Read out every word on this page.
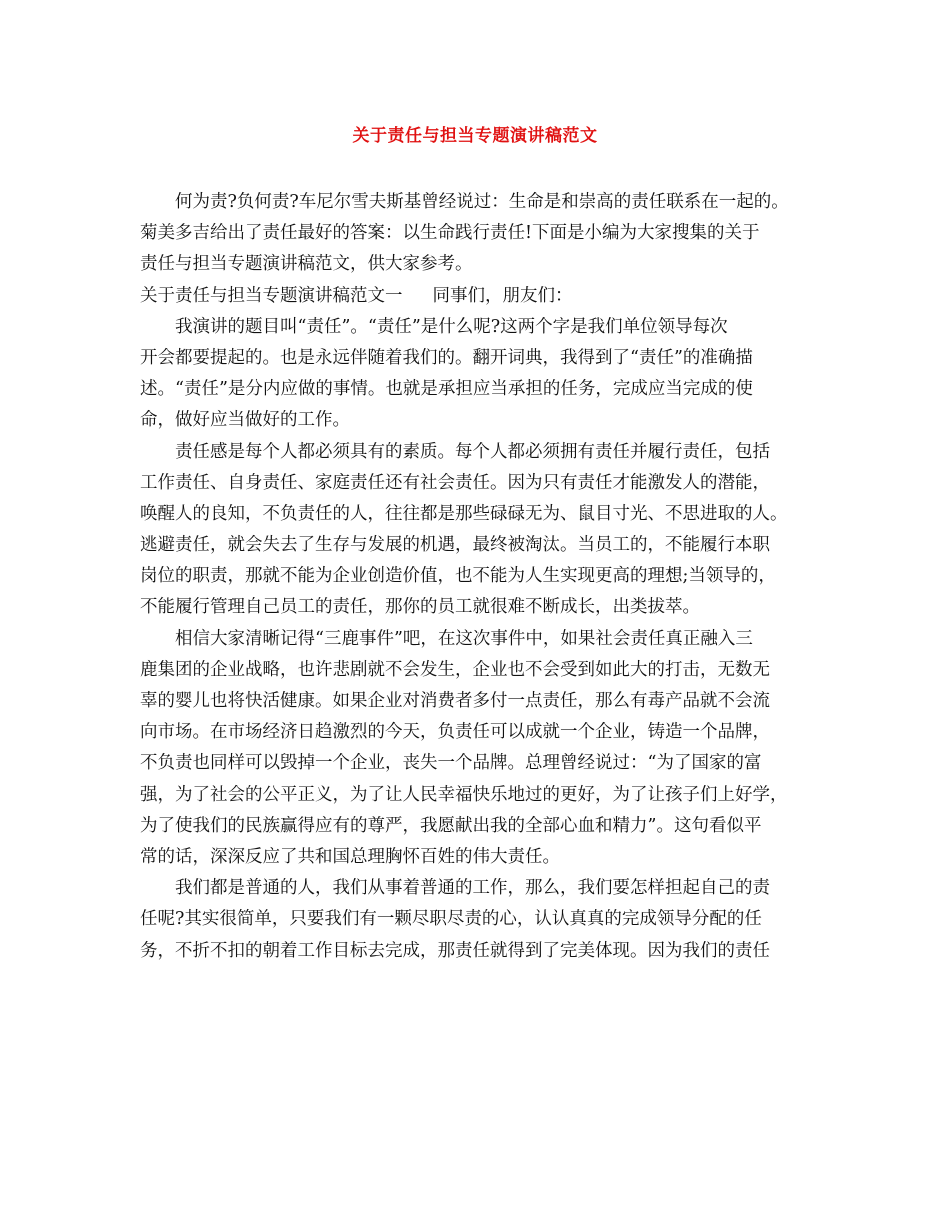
关于责任与担当专题演讲稿范文

何为责?负何责?车尼尔雪夫斯基曾经说过：生命是和崇高的责任联系在一起的。
菊美多吉给出了责任最好的答案：以生命践行责任!下面是小编为大家搜集的关于
责任与担当专题演讲稿范文，供大家参考。

关于责任与担当专题演讲稿范文一 同事们，朋友们：

我演讲的题目叫“责任”。“责任”是什么呢?这两个字是我们单位领导每次
开会都要提起的。也是永远伴随着我们的。翻开词典，我得到了“责任”的准确描
述。“责任”是分内应做的事情。也就是承担应当承担的任务，完成应当完成的使
命，做好应当做好的工作。

责任感是每个人都必须具有的素质。每个人都必须拥有责任并履行责任，包括
工作责任、自身责任、家庭责任还有社会责任。因为只有责任才能激发人的潜能，
唤醒人的良知，不负责任的人，往往都是那些碌碌无为、鼠目寸光、不思进取的人。
逃避责任，就会失去了生存与发展的机遇，最终被淘汰。当员工的，不能履行本职
岗位的职责，那就不能为企业创造价值，也不能为人生实现更高的理想;当领导的，
不能履行管理自己员工的责任，那你的员工就很难不断成长，出类拔萃。

相信大家清晰记得“三鹿事件”吧，在这次事件中，如果社会责任真正融入三
鹿集团的企业战略，也许悲剧就不会发生，企业也不会受到如此大的打击，无数无
辜的婴儿也将快活健康。如果企业对消费者多付一点责任，那么有毒产品就不会流
向市场。在市场经济日趋激烈的今天，负责任可以成就一个企业，铸造一个品牌，
不负责也同样可以毁掉一个企业，丧失一个品牌。总理曾经说过：“为了国家的富
强，为了社会的公平正义，为了让人民幸福快乐地过的更好，为了让孩子们上好学，
为了使我们的民族赢得应有的尊严，我愿献出我的全部心血和精力”。这句看似平
常的话，深深反应了共和国总理胸怀百姓的伟大责任。

我们都是普通的人，我们从事着普通的工作，那么，我们要怎样担起自己的责
任呢?其实很简单，只要我们有一颗尽职尽责的心，认认真真的完成领导分配的任
务，不折不扣的朝着工作目标去完成，那责任就得到了完美体现。因为我们的责任
